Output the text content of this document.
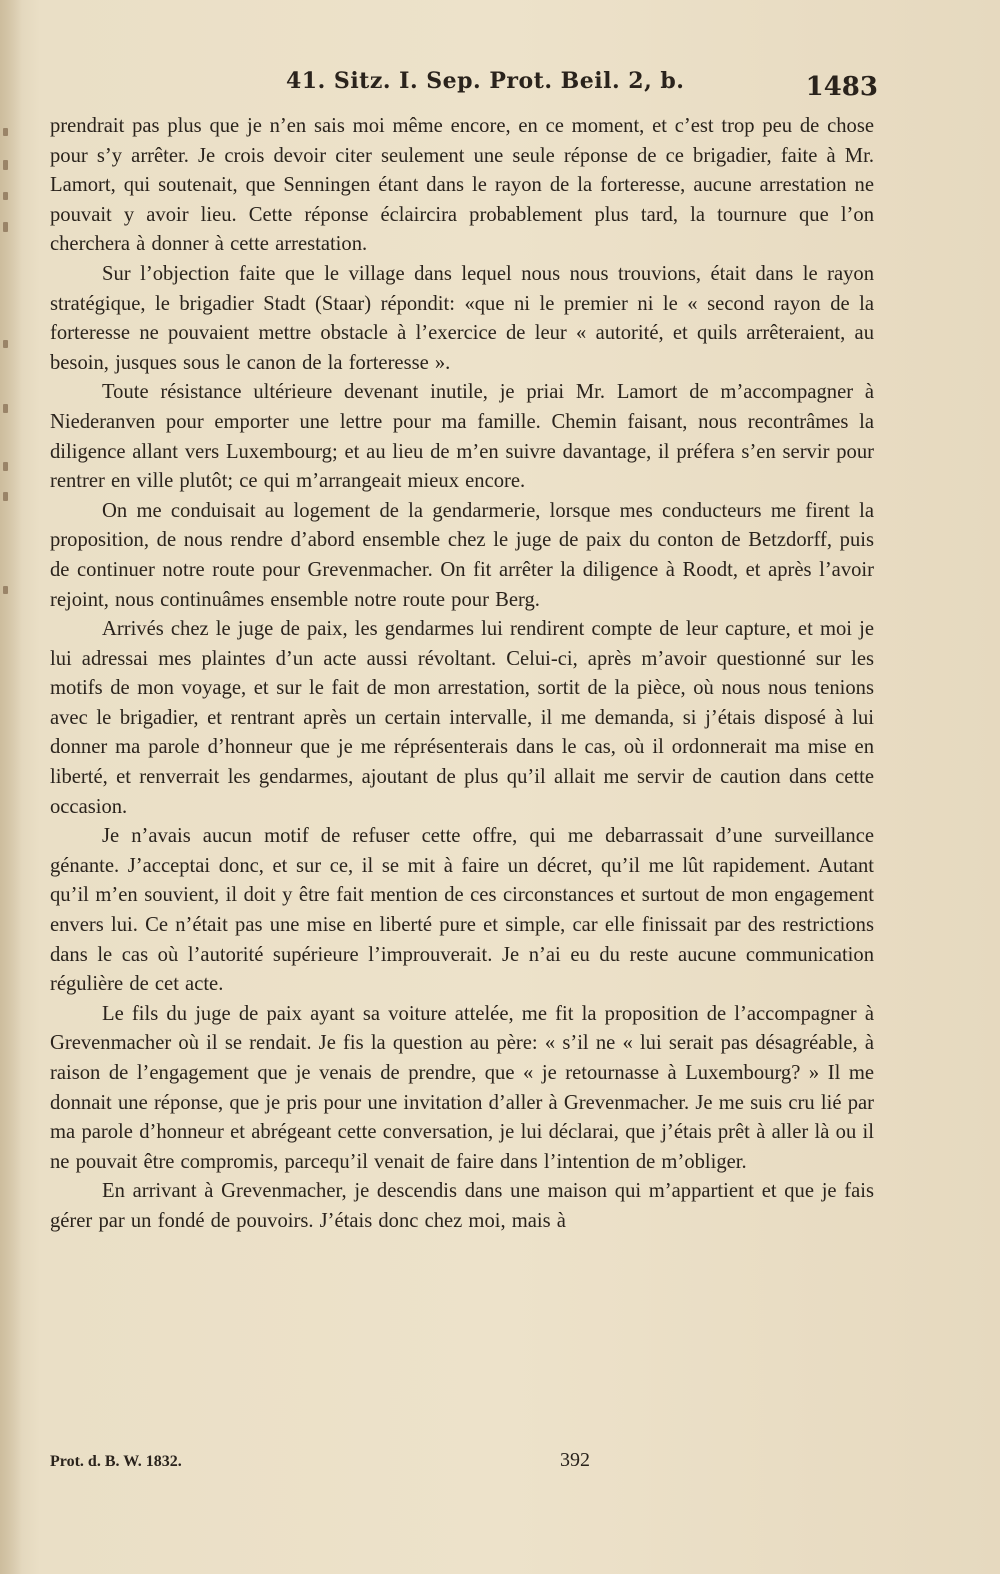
41. Sitz. I. Sep. Prot. Beil. 2, b.	1483

prendrait pas plus que je n’en sais moi même encore, en ce moment, et c’est trop peu de chose pour s’y arrêter. Je crois devoir citer seulement une seule réponse de ce brigadier, faite à Mr. Lamort, qui soutenait, que Senningen étant dans le rayon de la forteresse, aucune arrestation ne pouvait y avoir lieu. Cette réponse éclaircira probablement plus tard, la tournure que l’on cherchera à donner à cette arrestation.

Sur l’objection faite que le village dans lequel nous nous trouvions, était dans le rayon stratégique, le brigadier Stadt (Staar) répondit: «que ni le premier ni le « second rayon de la forteresse ne pouvaient mettre obstacle à l’exercice de leur « autorité, et quils arrêteraient, au besoin, jusques sous le canon de la forteresse ».

Toute résistance ultérieure devenant inutile, je priai Mr. Lamort de m’accompagner à Niederanven pour emporter une lettre pour ma famille. Chemin faisant, nous recontrâmes la diligence allant vers Luxembourg; et au lieu de m’en suivre davantage, il préfera s’en servir pour rentrer en ville plutôt; ce qui m’arrangeait mieux encore.

On me conduisait au logement de la gendarmerie, lorsque mes conducteurs me firent la proposition, de nous rendre d’abord ensemble chez le juge de paix du conton de Betzdorff, puis de continuer notre route pour Grevenmacher. On fit arrêter la diligence à Roodt, et après l’avoir rejoint, nous continuâmes ensemble notre route pour Berg.

Arrivés chez le juge de paix, les gendarmes lui rendirent compte de leur capture, et moi je lui adressai mes plaintes d’un acte aussi révoltant. Celui-ci, après m’avoir questionné sur les motifs de mon voyage, et sur le fait de mon arrestation, sortit de la pièce, où nous nous tenions avec le brigadier, et rentrant après un certain intervalle, il me demanda, si j’étais disposé à lui donner ma parole d’honneur que je me réprésenterais dans le cas, où il ordonnerait ma mise en liberté, et renverrait les gendarmes, ajoutant de plus qu’il allait me servir de caution dans cette occasion.

Je n’avais aucun motif de refuser cette offre, qui me debarrassait d’une surveillance génante. J’acceptai donc, et sur ce, il se mit à faire un décret, qu’il me lût rapidement. Autant qu’il m’en souvient, il doit y être fait mention de ces circonstances et surtout de mon engagement envers lui. Ce n’était pas une mise en liberté pure et simple, car elle finissait par des restrictions dans le cas où l’autorité supérieure l’improuverait. Je n’ai eu du reste aucune communication régulière de cet acte.

Le fils du juge de paix ayant sa voiture attelée, me fit la proposition de l’accompagner à Grevenmacher où il se rendait. Je fis la question au père: « s’il ne « lui serait pas désagréable, à raison de l’engagement que je venais de prendre, que « je retournasse à Luxembourg? » Il me donnait une réponse, que je pris pour une invitation d’aller à Grevenmacher. Je me suis cru lié par ma parole d’honneur et abrégeant cette conversation, je lui déclarai, que j’étais prêt à aller là ou il ne pouvait être compromis, parcequ’il venait de faire dans l’intention de m’obliger.

En arrivant à Grevenmacher, je descendis dans une maison qui m’appartient et que je fais gérer par un fondé de pouvoirs. J’étais donc chez moi, mais à

Prot. d. B. W. 1832.	392
